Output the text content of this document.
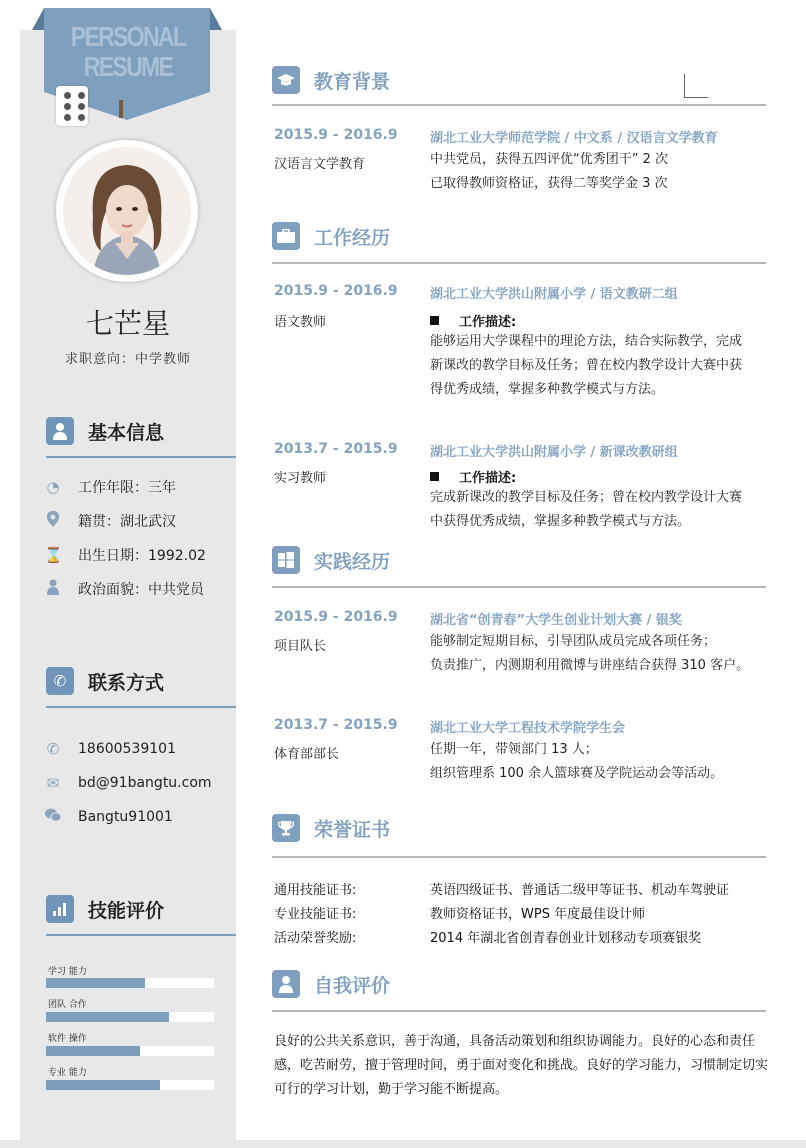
PERSONAL
RESUME
七芒星
求职意向：中学教师
基本信息
◔ 工作年限：三年
籍贯：湖北武汉
⌛ 出生日期：1992.02
政治面貌：中共党员
✆	联系方式
✆ 18600539101
✉ bd@91bangtu.com
Bangtu91001
技能评价
学习 能力
团队 合作
软件 操作
专业 能力
教育背景
2015.9 - 2016.9 湖北工业大学师范学院 / 中文系 / 汉语言文学教育
汉语言文学教育	中共党员，获得五四评优“优秀团干” 2 次
已取得教师资格证，获得二等奖学金 3 次
工作经历
2015.9 - 2016.9 湖北工业大学洪山附属小学 / 语文教研二组
语文教师	工作描述:
能够运用大学课程中的理论方法，结合实际教学，完成
新课改的教学目标及任务；曾在校内教学设计大赛中获
得优秀成绩，掌握多种教学模式与方法。
2013.7 - 2015.9 湖北工业大学洪山附属小学 / 新课改教研组
实习教师	工作描述:
完成新课改的教学目标及任务；曾在校内教学设计大赛
中获得优秀成绩，掌握多种教学模式与方法。
实践经历
2015.9 - 2016.9 湖北省“创青春”大学生创业计划大赛 / 银奖
项目队长	能够制定短期目标，引导团队成员完成各项任务；
负责推广，内测期利用微博与讲座结合获得 310 客户。
2013.7 - 2015.9 湖北工业大学工程技术学院学生会
体育部部长	任期一年，带领部门 13 人；
组织管理系 100 余人篮球赛及学院运动会等活动。
荣誉证书
通用技能证书:	英语四级证书、普通话二级甲等证书、机动车驾驶证
专业技能证书:	教师资格证书，WPS 年度最佳设计师
活动荣誉奖励:	2014 年湖北省创青春创业计划移动专项赛银奖
自我评价
良好的公共关系意识，善于沟通，具备活动策划和组织协调能力。良好的心态和责任感，吃苦耐劳，擅于管理时间，勇于面对变化和挑战。良好的学习能力，习惯制定切实可行的学习计划，勤于学习能不断提高。
